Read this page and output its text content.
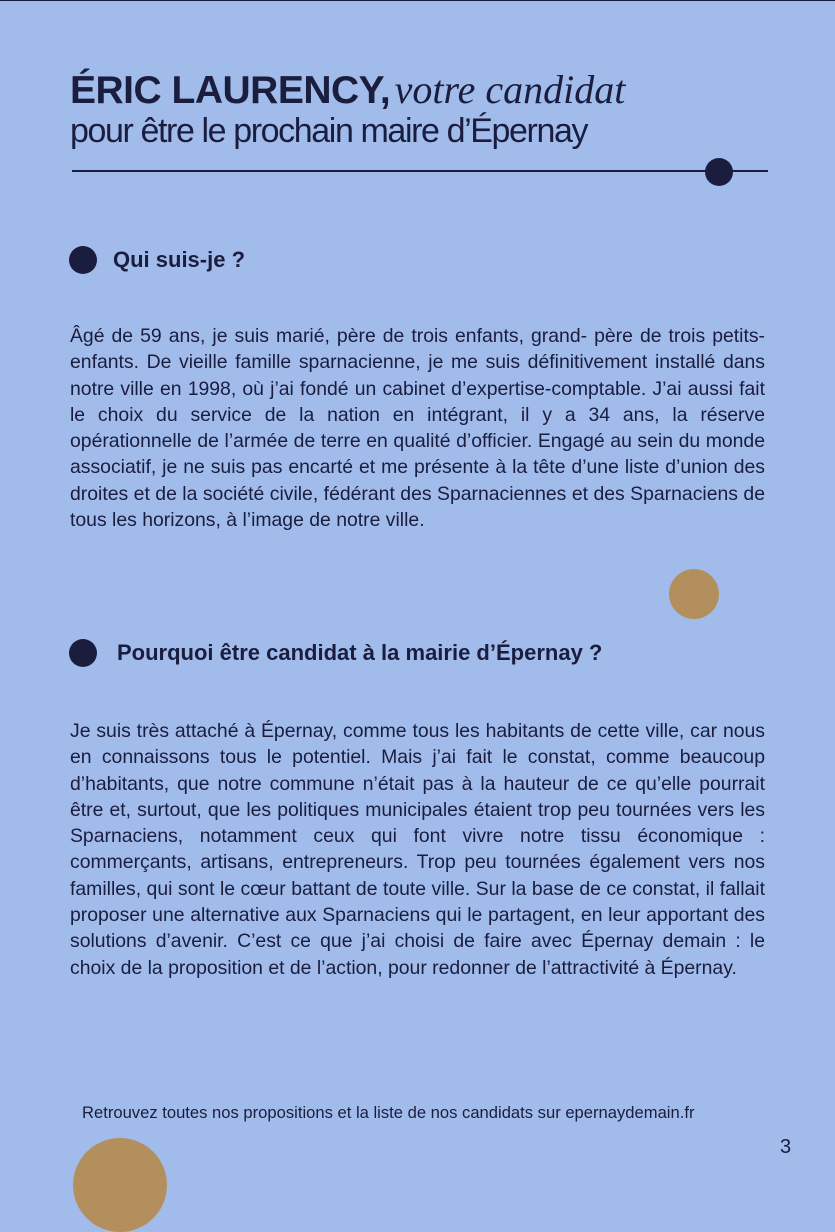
ÉRIC LAURENCY, votre candidat
pour être le prochain maire d’Épernay
Qui suis-je ?

Âgé de 59 ans, je suis marié, père de trois enfants, grand- père de trois petits-enfants. De vieille famille sparnacienne, je me suis définitivement installé dans notre ville en 1998, où j’ai fondé un cabinet d’expertise-comptable. J’ai aussi fait le choix du service de la nation en intégrant, il y a 34 ans, la réserve opérationnelle de l’armée de terre en qualité d’officier. Engagé au sein du monde associatif, je ne suis pas encarté et me présente à la tête d’une liste d’union des droites et de la société civile, fédérant des Sparnaciennes et des Sparnaciens de tous les horizons, à l’image de notre ville.

Pourquoi être candidat à la mairie d’Épernay ?

Je suis très attaché à Épernay, comme tous les habitants de cette ville, car nous en connaissons tous le potentiel. Mais j’ai fait le constat, comme beaucoup d’habitants, que notre commune n’était pas à la hauteur de ce qu’elle pourrait être et, surtout, que les politiques municipales étaient trop peu tournées vers les Sparnaciens, notamment ceux qui font vivre notre tissu économique : commerçants, artisans, entrepreneurs. Trop peu tournées également vers nos familles, qui sont le cœur battant de toute ville. Sur la base de ce constat, il fallait proposer une alternative aux Sparnaciens qui le partagent, en leur apportant des solutions d’avenir. C’est ce que j’ai choisi de faire avec Épernay demain : le choix de la proposition et de l’action, pour redonner de l’attractivité à Épernay.

Retrouvez toutes nos propositions et la liste de nos candidats sur epernaydemain.fr
3
